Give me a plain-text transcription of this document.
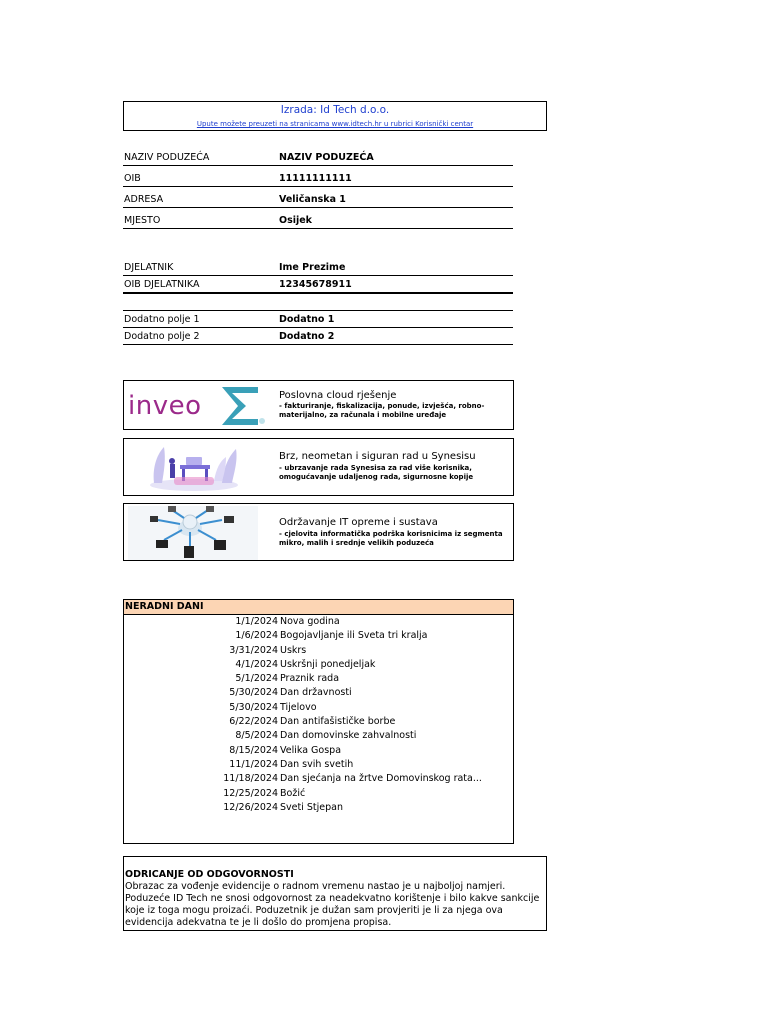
Izrada: Id Tech d.o.o.
Upute možete preuzeti na stranicama www.idtech.hr u rubrici Korisnički centar
NAZIV PODUZEĆA	NAZIV PODUZEĆA
OIB	11111111111
ADRESA	Veličanska 1
MJESTO	Osijek
DJELATNIK	Ime Prezime
OIB DJELATNIKA	12345678911
Dodatno polje 1	Dodatno 1
Dodatno polje 2	Dodatno 2
inveo	Poslovna cloud rješenje
- fakturiranje, fiskalizacija, ponude, izvješća, robno-materijalno, za računala i mobilne uređaje
Brz, neometan i siguran rad u Synesisu
- ubrzavanje rada Synesisa za rad više korisnika, omogućavanje udaljenog rada, sigurnosne kopije
Održavanje IT opreme i sustava
- cjelovita informatička podrška korisnicima iz segmenta mikro, malih i srednje velikih poduzeća
NERADNI DANI
1/1/2024 Nova godina
1/6/2024 Bogojavljanje ili Sveta tri kralja
3/31/2024 Uskrs
4/1/2024 Uskršnji ponedjeljak
5/1/2024 Praznik rada
5/30/2024 Dan državnosti
5/30/2024 Tijelovo
6/22/2024 Dan antifašističke borbe
8/5/2024 Dan domovinske zahvalnosti
8/15/2024 Velika Gospa
11/1/2024 Dan svih svetih
11/18/2024 Dan sjećanja na žrtve Domovinskog rata...
12/25/2024 Božić
12/26/2024 Sveti Stjepan
ODRICANJE OD ODGOVORNOSTI
Obrazac za vođenje evidencije o radnom vremenu nastao je u najboljoj namjeri. Poduzeće ID Tech ne snosi odgovornost za neadekvatno korištenje i bilo kakve sankcije koje iz toga mogu proizaći. Poduzetnik je dužan sam provjeriti je li za njega ova evidencija adekvatna te je li došlo do promjena propisa.
